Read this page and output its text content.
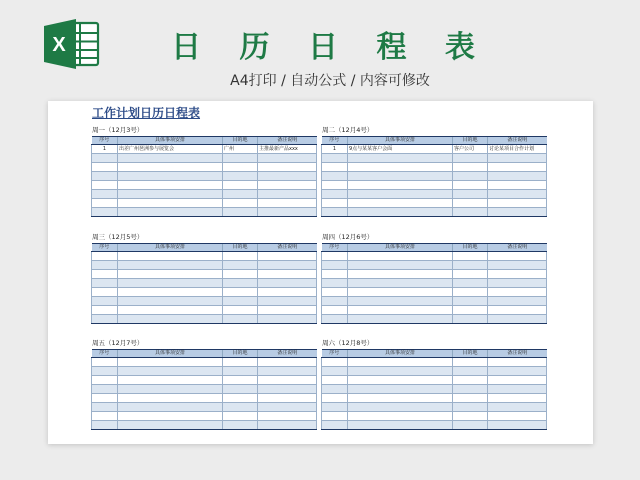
X	日 历 日 程 表
A4打印 / 自动公式 / 内容可修改
工作计划日历日程表
周一（12月3号）
序号	具体事项安排	目的地	备注说明
1	出差广州琶洲参与展览会	广州	主推最新产品xxx

周二（12月4号）
序号	具体事项安排	目的地	备注说明
1	9点与某某客户会面	客户公司	讨论某项目合作计划

周三（12月5号）
序号	具体事项安排	目的地	备注说明

周四（12月6号）
序号	具体事项安排	目的地	备注说明

周五（12月7号）
序号	具体事项安排	目的地	备注说明

周六（12月8号）
序号	具体事项安排	目的地	备注说明
